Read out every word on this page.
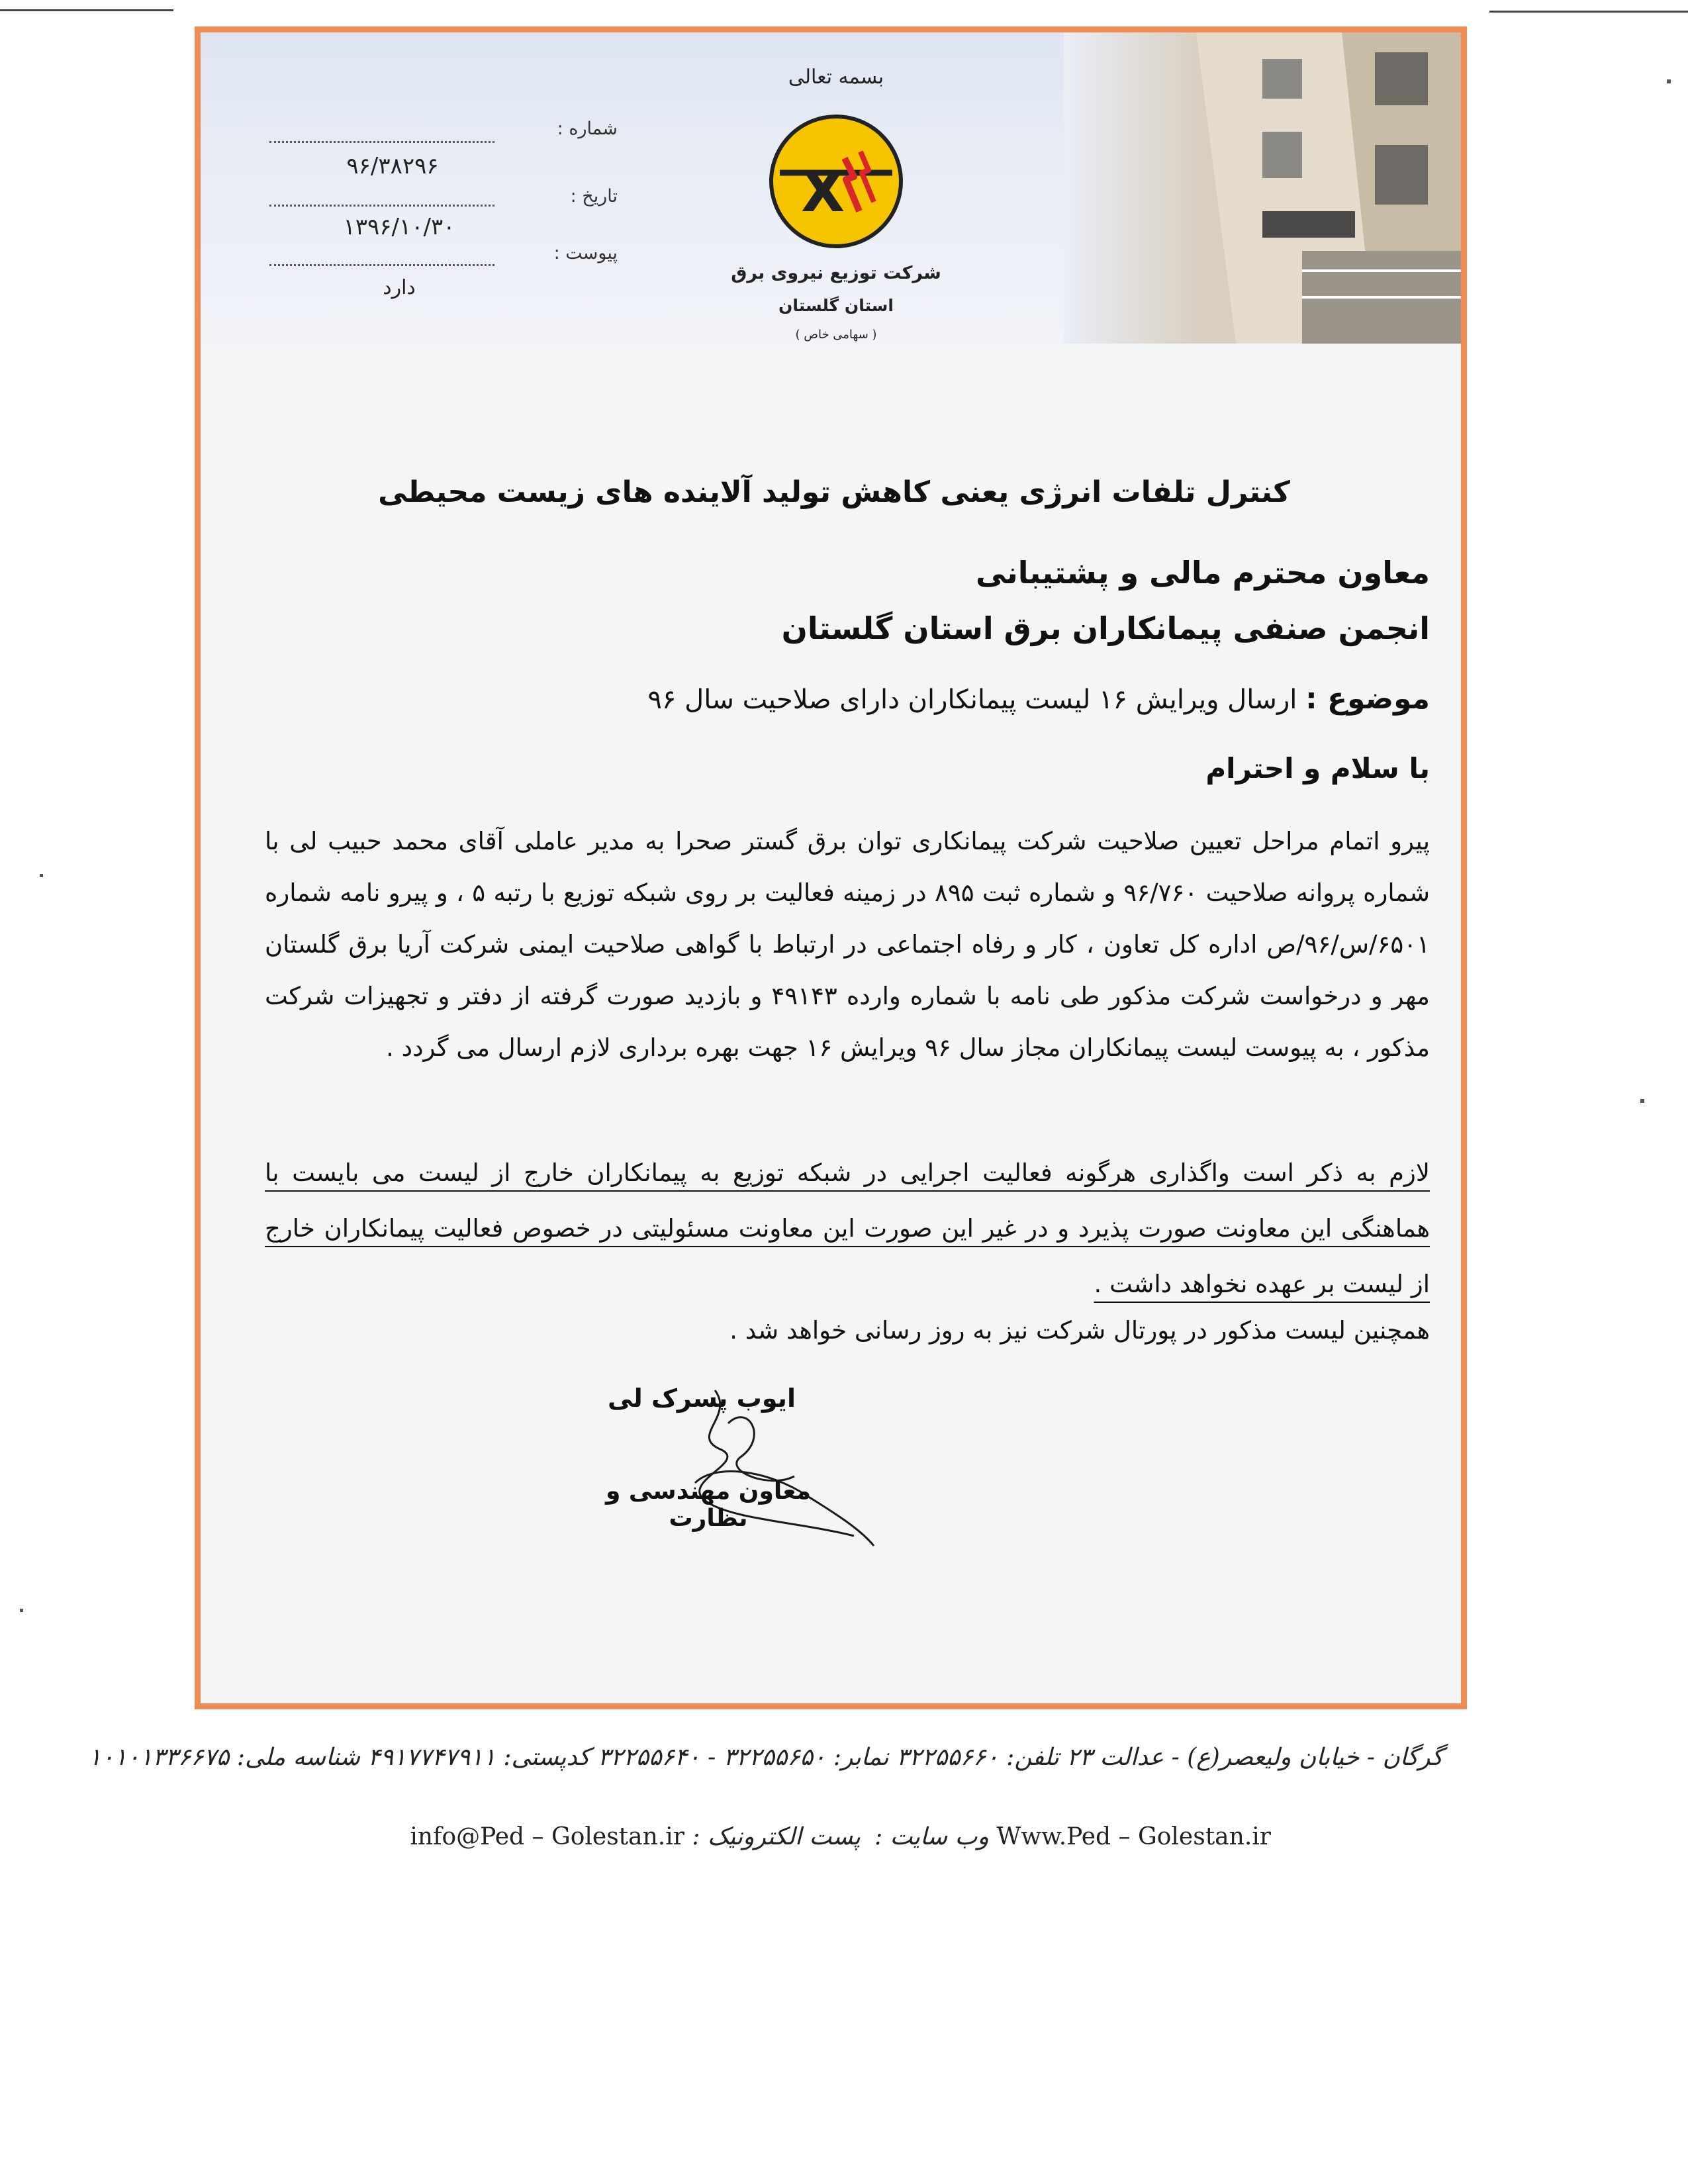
بسمه تعالی
X
شرکت توزیع نیروی برق
استان گلستان
( سهامی خاص )
شماره :
۹۶/۳۸۲۹۶
تاریخ :
۱۳۹۶/۱۰/۳۰
پیوست :
دارد
کنترل تلفات انرژی یعنی کاهش تولید آلاینده های زیست محیطی
معاون محترم مالی و پشتیبانی
انجمن صنفی پیمانکاران برق استان گلستان
موضوع : ارسال ویرایش ۱۶ لیست پیمانکاران دارای صلاحیت سال ۹۶
با سلام و احترام
پیرو اتمام مراحل تعیین صلاحیت شرکت پیمانکاری توان برق گستر صحرا به مدیر عاملی آقای محمد حبیب لی با شماره پروانه صلاحیت ۹۶/۷۶۰ و شماره ثبت ۸۹۵ در زمینه فعالیت بر روی شبکه توزیع با رتبه ۵ ، و پیرو نامه شماره ۶۵۰۱/س/۹۶/ص اداره کل تعاون ، کار و رفاه اجتماعی در ارتباط با گواهی صلاحیت ایمنی شرکت آریا برق گلستان مهر و درخواست شرکت مذکور طی نامه با شماره وارده ۴۹۱۴۳ و بازدید صورت گرفته از دفتر و تجهیزات شرکت مذکور ، به پیوست لیست پیمانکاران مجاز سال ۹۶ ویرایش ۱۶ جهت بهره برداری لازم ارسال می گردد .
لازم به ذکر است واگذاری هرگونه فعالیت اجرایی در شبکه توزیع به پیمانکاران خارج از لیست می بایست با هماهنگی این معاونت صورت پذیرد و در غیر این صورت این معاونت مسئولیتی در خصوص فعالیت پیمانکاران خارج از لیست بر عهده نخواهد داشت .
همچنین لیست مذکور در پورتال شرکت نیز به روز رسانی خواهد شد .
ایوب پسرک لی
معاون مهندسی و نظارت
گرگان - خیابان ولیعصر(ع) - عدالت ۲۳ تلفن: ۳۲۲۵۵۶۶۰ نمابر: ۳۲۲۵۵۶۵۰ - ۳۲۲۵۵۶۴۰ کدپستی: ۴۹۱۷۷۴۷۹۱۱ شناسه ملی: ۱۰۱۰۱۳۳۶۶۷۵
Www.Ped – Golestan.ir وب سایت :
پست الکترونیک : info@Ped – Golestan.ir
